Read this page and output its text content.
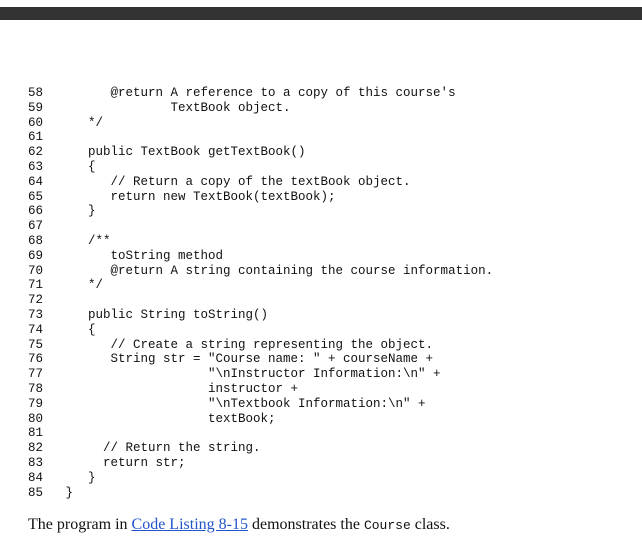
58       @return A reference to a copy of this course's
59               TextBook object.
60    */
61
62    public TextBook getTextBook()
63    {
64       // Return a copy of the textBook object.
65       return new TextBook(textBook);
66    }
67
68    /**
69       toString method
70       @return A string containing the course information.
71    */
72
73    public String toString()
74    {
75       // Create a string representing the object.
76       String str = "Course name: " + courseName +
77                    "\nInstructor Information:\n" +
78                    instructor +
79                    "\nTextbook Information:\n" +
80                    textBook;
81
82      // Return the string.
83      return str;
84    }
85 }
The program in Code Listing 8-15 demonstrates the Course class.
